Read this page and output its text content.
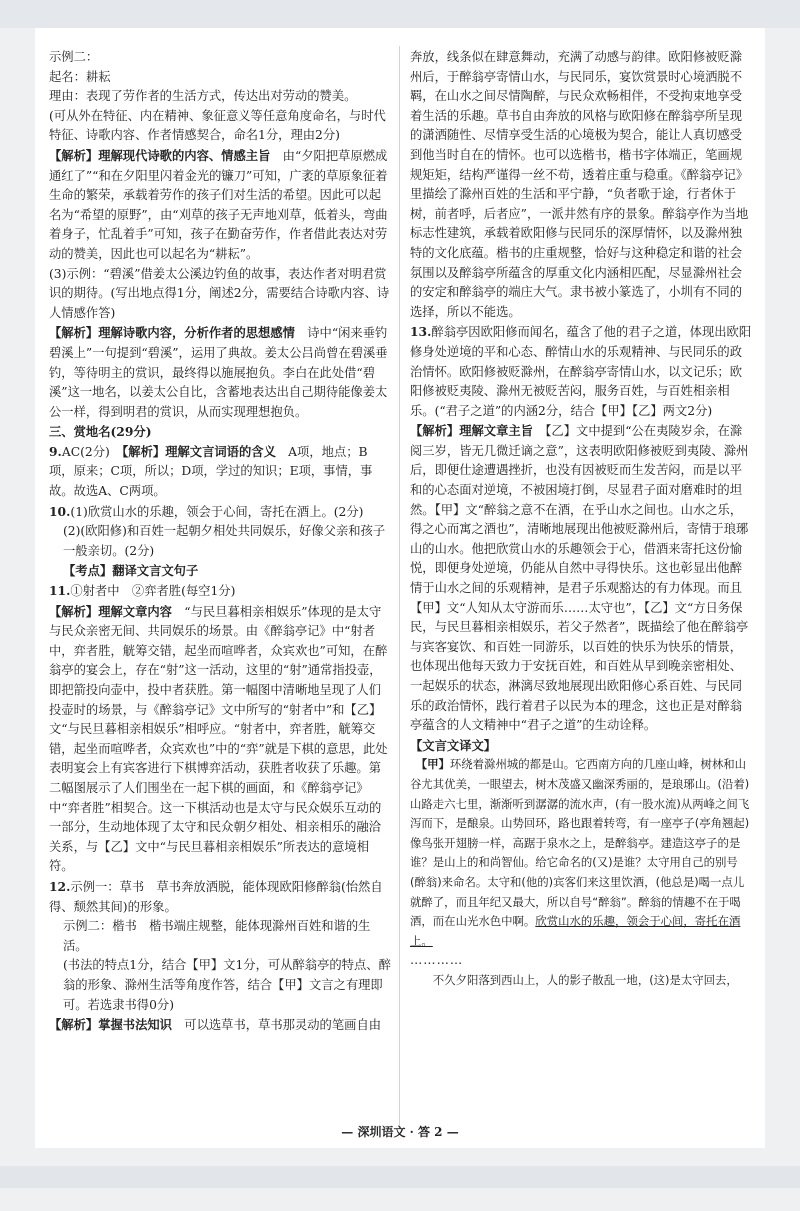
示例二：

起名：耕耘

理由：表现了劳作者的生活方式，传达出对劳动的赞美。

(可从外在特征、内在精神、象征意义等任意角度命名，与时代特征、诗歌内容、作者情感契合，命名1分，理由2分)

【解析】理解现代诗歌的内容、情感主旨　由“夕阳把草原燃成通红了”“和在夕阳里闪着金光的镰刀”可知，广袤的草原象征着生命的繁荣，承载着劳作的孩子们对生活的希望。因此可以起名为“希望的原野”，由“刈草的孩子无声地刈草，低着头，弯曲着身子，忙乱着手”可知，孩子在勤奋劳作，作者借此表达对劳动的赞美，因此也可以起名为“耕耘”。

(3)示例：“碧溪”借姜太公溪边钓鱼的故事，表达作者对明君赏识的期待。(写出地点得1分，阐述2分，需要结合诗歌内容、诗人情感作答)

【解析】理解诗歌内容，分析作者的思想感情　诗中“闲来垂钓碧溪上”一句提到“碧溪”，运用了典故。姜太公吕尚曾在碧溪垂钓，等待明主的赏识，最终得以施展抱负。李白在此处借“碧溪”这一地名，以姜太公自比，含蓄地表达出自己期待能像姜太公一样，得到明君的赏识，从而实现理想抱负。

三、赏地名(29分)

9.AC(2分)　【解析】理解文言词语的含义　A项，地点；B项，原来；C项，所以；D项，学过的知识；E项，事情，事故。故选A、C两项。

10.(1)欣赏山水的乐趣，领会于心间，寄托在酒上。(2分)

(2)(欧阳修)和百姓一起朝夕相处共同娱乐，好像父亲和孩子一般亲切。(2分)

【考点】翻译文言文句子

11.①射者中　②弈者胜(每空1分)

【解析】理解文章内容　“与民旦暮相亲相娱乐”体现的是太守与民众亲密无间、共同娱乐的场景。由《醉翁亭记》中“射者中，弈者胜，觥筹交错，起坐而喧哗者，众宾欢也”可知，在醉翁亭的宴会上，存在“射”这一活动，这里的“射”通常指投壶，即把箭投向壶中，投中者获胜。第一幅图中清晰地呈现了人们投壶时的场景，与《醉翁亭记》文中所写的“射者中”和【乙】文“与民旦暮相亲相娱乐”相呼应。“射者中，弈者胜，觥筹交错，起坐而喧哗者，众宾欢也”中的“弈”就是下棋的意思，此处表明宴会上有宾客进行下棋博弈活动，获胜者收获了乐趣。第二幅图展示了人们围坐在一起下棋的画面，和《醉翁亭记》中“弈者胜”相契合。这一下棋活动也是太守与民众娱乐互动的一部分，生动地体现了太守和民众朝夕相处、相亲相乐的融洽关系，与【乙】文中“与民旦暮相亲相娱乐”所表达的意境相符。

12.示例一：草书　草书奔放洒脱，能体现欧阳修醉翁(怡然自得、颓然其间)的形象。

示例二：楷书　楷书端庄规整，能体现滁州百姓和谐的生活。

(书法的特点1分，结合【甲】文1分，可从醉翁亭的特点、醉翁的形象、滁州生活等角度作答，结合【甲】文言之有理即可。若选隶书得0分)

【解析】掌握书法知识　可以选草书，草书那灵动的笔画自由

奔放，线条似在肆意舞动，充满了动感与韵律。欧阳修被贬滁州后，于醉翁亭寄情山水，与民同乐，宴饮赏景时心境洒脱不羁，在山水之间尽情陶醉，与民众欢畅相伴，不受拘束地享受着生活的乐趣。草书自由奔放的风格与欧阳修在醉翁亭所呈现的潇洒随性、尽情享受生活的心境极为契合，能让人真切感受到他当时自在的情怀。也可以选楷书，楷书字体端正，笔画规规矩矩，结构严谨得一丝不苟，透着庄重与稳重。《醉翁亭记》里描绘了滁州百姓的生活和平宁静，“负者歌于途，行者休于树，前者呼，后者应”，一派井然有序的景象。醉翁亭作为当地标志性建筑，承载着欧阳修与民同乐的深厚情怀，以及滁州独特的文化底蕴。楷书的庄重规整，恰好与这种稳定和谐的社会氛围以及醉翁亭所蕴含的厚重文化内涵相匹配，尽显滁州社会的安定和醉翁亭的端庄大气。隶书被小篆选了，小圳有不同的选择，所以不能选。

13.醉翁亭因欧阳修而闻名，蕴含了他的君子之道，体现出欧阳修身处逆境的平和心态、醉情山水的乐观精神、与民同乐的政治情怀。欧阳修被贬滁州，在醉翁亭寄情山水，以文记乐；欧阳修被贬夷陵、滁州无被贬苦闷，服务百姓，与百姓相亲相乐。(“君子之道”的内涵2分，结合【甲】【乙】两文2分)

【解析】理解文章主旨　【乙】文中提到“公在夷陵岁余，在滁阅三岁，皆无几微迁谪之意”，这表明欧阳修被贬到夷陵、滁州后，即便仕途遭遇挫折，也没有因被贬而生发苦闷，而是以平和的心态面对逆境，不被困境打倒，尽显君子面对磨难时的坦然。【甲】文“醉翁之意不在酒，在乎山水之间也。山水之乐，得之心而寓之酒也”，清晰地展现出他被贬滁州后，寄情于琅琊山的山水。他把欣赏山水的乐趣领会于心，借酒来寄托这份愉悦，即便身处逆境，仍能从自然中寻得快乐。这也彰显出他醉情于山水之间的乐观精神，是君子乐观豁达的有力体现。而且【甲】文“人知从太守游而乐……太守也”，【乙】文“方日务保民，与民旦暮相亲相娱乐，若父子然者”，既描绘了他在醉翁亭与宾客宴饮、和百姓一同游乐，以百姓的快乐为快乐的情景，也体现出他每天致力于安抚百姓，和百姓从早到晚亲密相处、一起娱乐的状态，淋漓尽致地展现出欧阳修心系百姓、与民同乐的政治情怀，践行着君子以民为本的理念，这也正是对醉翁亭蕴含的人文精神中“君子之道”的生动诠释。

【文言文译文】

　【甲】环绕着滁州城的都是山。它西南方向的几座山峰，树林和山谷尤其优美，一眼望去，树木茂盛又幽深秀丽的，是琅琊山。(沿着)山路走六七里，渐渐听到潺潺的流水声，(有一股水流)从两峰之间飞泻而下，是酿泉。山势回环，路也跟着转弯，有一座亭子(亭角翘起)像鸟张开翅膀一样，高踞于泉水之上，是醉翁亭。建造这亭子的是谁？是山上的和尚智仙。给它命名的(又)是谁？太守用自己的别号(醉翁)来命名。太守和(他的)宾客们来这里饮酒，(他总是)喝一点儿就醉了，而且年纪又最大，所以自号“醉翁”。醉翁的情趣不在于喝酒，而在山光水色中啊。欣赏山水的乐趣，领会于心间，寄托在酒上。

…………

　　不久夕阳落到西山上，人的影子散乱一地，(这)是太守回去，

— 深圳语文 · 答 2 —
